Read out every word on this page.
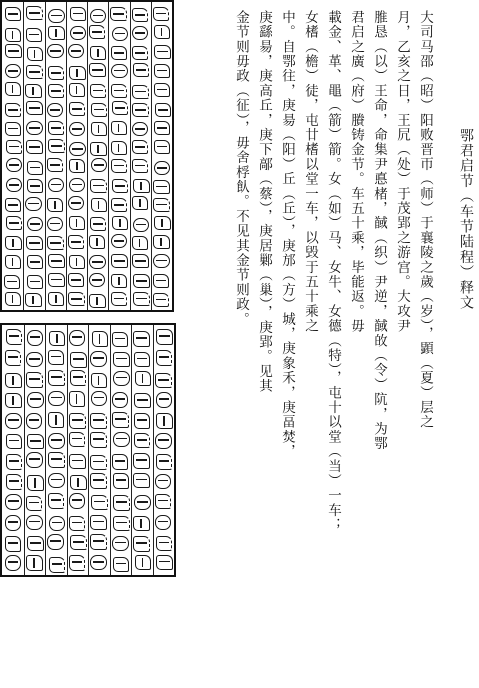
鄂君启节（车节陆程）释文
大司马邵（昭）阳败晋帀（师）于襄陵之歲（岁），顕（夏）层之
月，乙亥之日，王凥（处）于茂郢之游宫。大攻尹
脽恳（以）王命，命集尹悳楮，馘（织）尹逆，馘敀（令）阬，为鄂
君启之廣（府）賸铸金节。车五十乘，毕能返。毋
載金、革、黽（箭）箭。女（如）马、女牛、女德（特），屯十以堂（当）一车；
女榰（檐）徒，屯廿榰以堂一车，以毁于五十乘之
中。自鄂往，庚昜（阳）丘（丘），庚邡（方）城，庚象禾，庚畐焚，
庚繇昜，庚高丘，庚下鄗（蔡），庚居鄛（巢），庚郢。见其
金节则毋政（征），毋舍桴飤。不见其金节则政。
